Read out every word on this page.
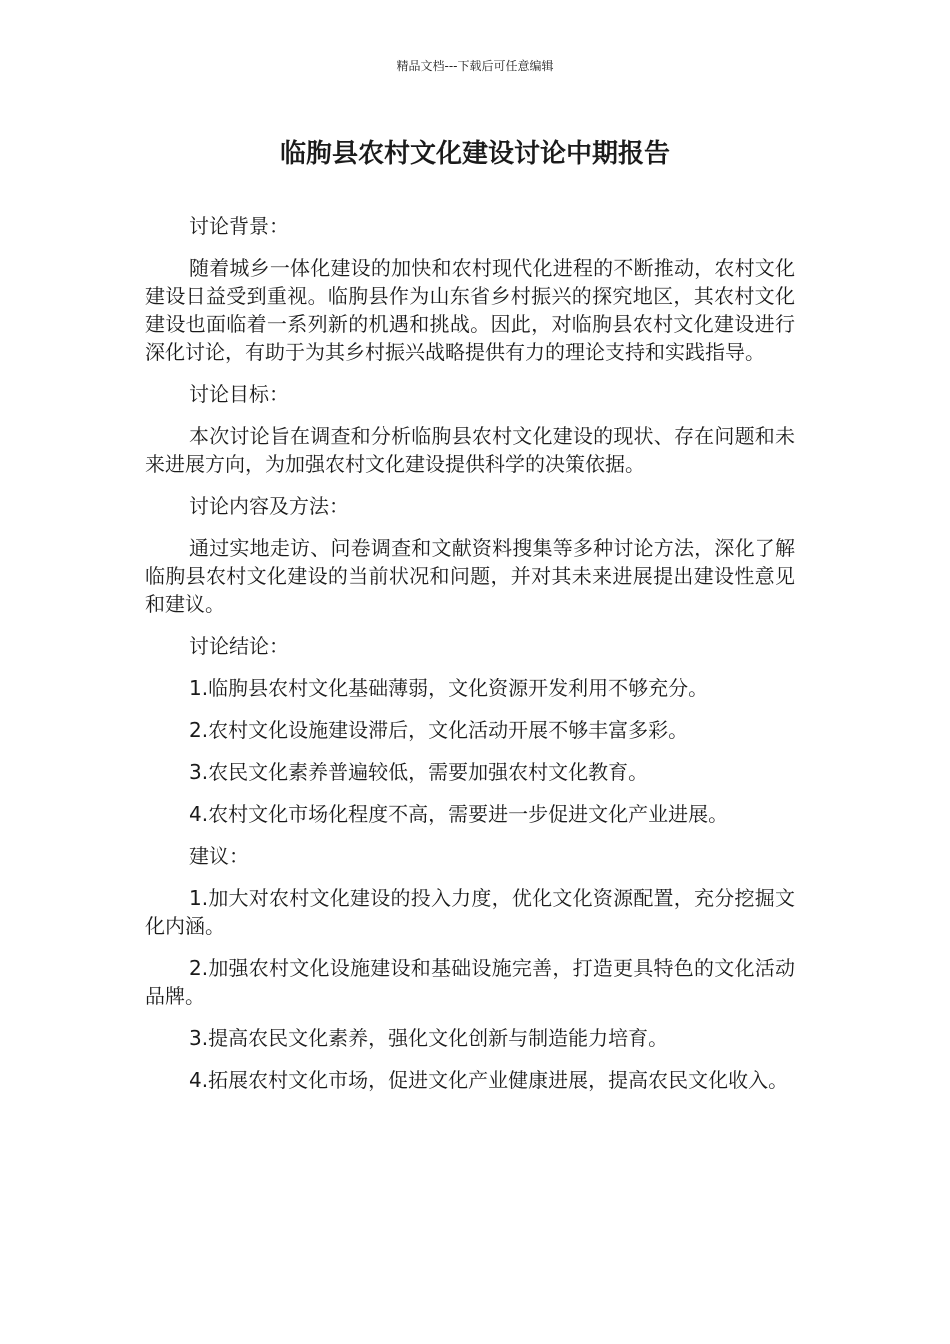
精品文档---下载后可任意编辑
临朐县农村文化建设讨论中期报告

讨论背景：

随着城乡一体化建设的加快和农村现代化进程的不断推动，农村文化建设日益受到重视。临朐县作为山东省乡村振兴的探究地区，其农村文化建设也面临着一系列新的机遇和挑战。因此，对临朐县农村文化建设进行深化讨论，有助于为其乡村振兴战略提供有力的理论支持和实践指导。

讨论目标：

本次讨论旨在调查和分析临朐县农村文化建设的现状、存在问题和未来进展方向，为加强农村文化建设提供科学的决策依据。

讨论内容及方法：

通过实地走访、问卷调查和文献资料搜集等多种讨论方法，深化了解临朐县农村文化建设的当前状况和问题，并对其未来进展提出建设性意见和建议。

讨论结论：

1.临朐县农村文化基础薄弱，文化资源开发利用不够充分。

2.农村文化设施建设滞后，文化活动开展不够丰富多彩。

3.农民文化素养普遍较低，需要加强农村文化教育。

4.农村文化市场化程度不高，需要进一步促进文化产业进展。

建议：

1.加大对农村文化建设的投入力度，优化文化资源配置，充分挖掘文化内涵。

2.加强农村文化设施建设和基础设施完善，打造更具特色的文化活动品牌。

3.提高农民文化素养，强化文化创新与制造能力培育。

4.拓展农村文化市场，促进文化产业健康进展，提高农民文化收入。
